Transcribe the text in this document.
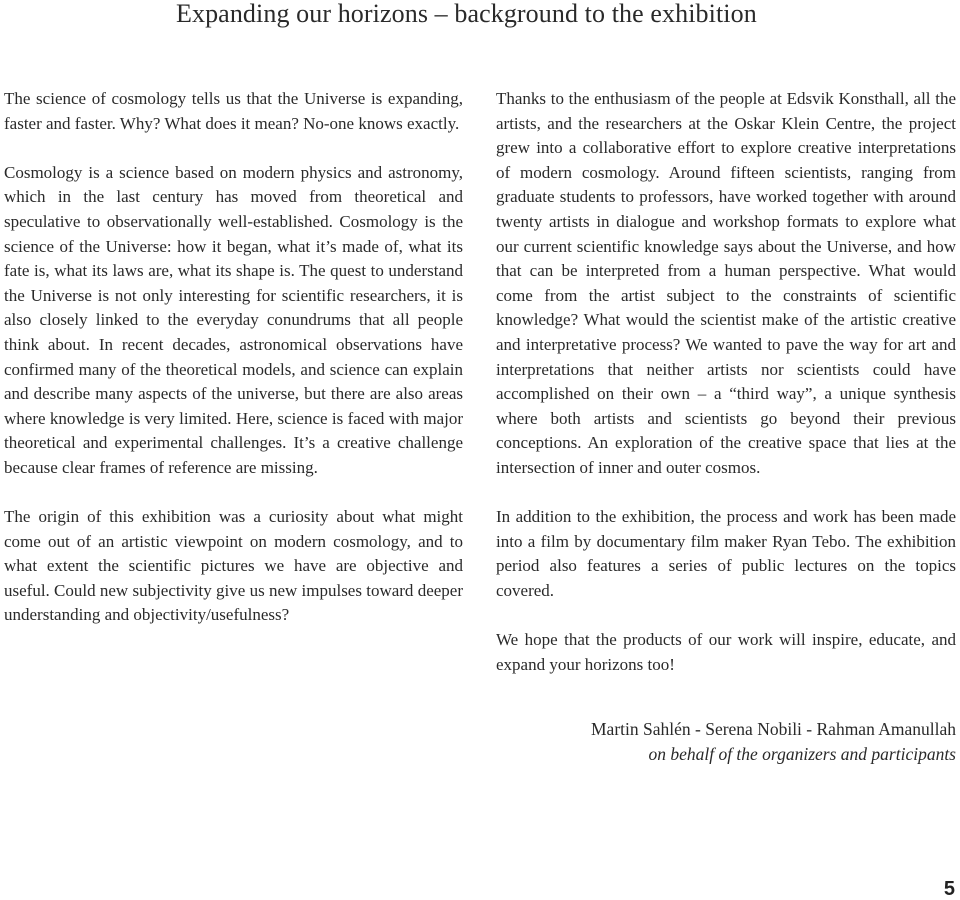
Expanding our horizons – background to the exhibition

The science of cosmology tells us that the Universe is expanding, faster and faster. Why? What does it mean? No-one knows exactly.

Cosmology is a science based on modern physics and astronomy, which in the last century has moved from theoretical and speculative to observationally well-established. Cosmology is the science of the Universe: how it began, what it’s made of, what its fate is, what its laws are, what its shape is. The quest to understand the Universe is not only interesting for scientific researchers, it is also closely linked to the everyday conundrums that all people think about. In recent decades, astronomical observations have confirmed many of the theoretical models, and science can explain and describe many aspects of the universe, but there are also areas where knowledge is very limited. Here, science is faced with major theoretical and experimental challenges. It’s a creative challenge because clear frames of reference are missing.

The origin of this exhibition was a curiosity about what might come out of an artistic viewpoint on modern cosmology, and to what extent the scientific pictures we have are objective and useful. Could new subjectivity give us new impulses toward deeper understanding and objectivity/usefulness?

Thanks to the enthusiasm of the people at Edsvik Konsthall, all the artists, and the researchers at the Oskar Klein Centre, the project grew into a collaborative effort to explore creative interpretations of modern cosmology. Around fifteen scientists, ranging from graduate students to professors, have worked together with around twenty artists in dialogue and workshop formats to explore what our current scientific knowledge says about the Universe, and how that can be interpreted from a human perspective. What would come from the artist subject to the constraints of scientific knowledge? What would the scientist make of the artistic creative and interpretative process? We wanted to pave the way for art and interpretations that neither artists nor scientists could have accomplished on their own – a “third way”, a unique synthesis where both artists and scientists go beyond their previous conceptions. An exploration of the creative space that lies at the intersection of inner and outer cosmos.

In addition to the exhibition, the process and work has been made into a film by documentary film maker Ryan Tebo. The exhibition period also features a series of public lectures on the topics covered.

We hope that the products of our work will inspire, educate, and expand your horizons too!

Martin Sahlén - Serena Nobili - Rahman Amanullah
on behalf of the organizers and participants
5
